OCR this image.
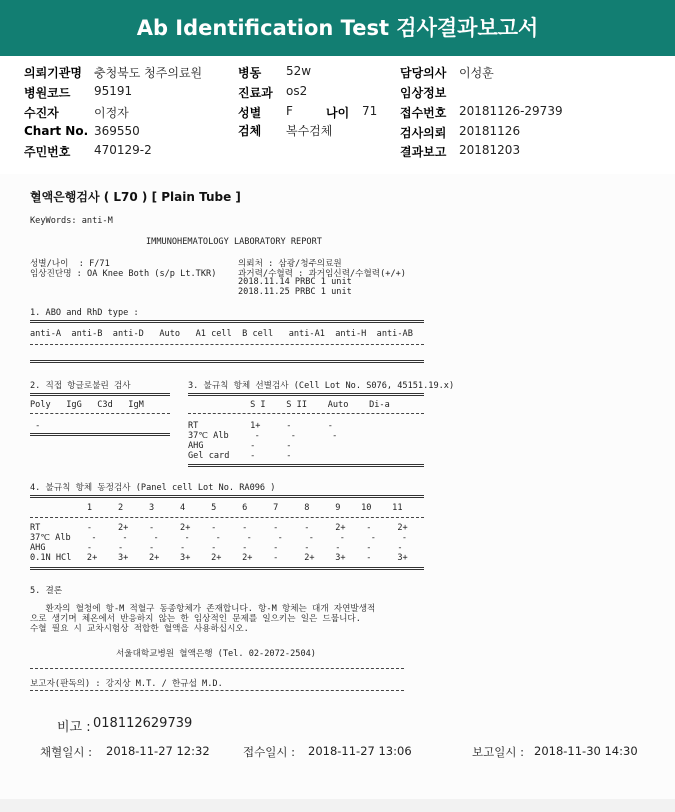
Ab Identification Test 검사결과보고서
의뢰기관명 충청북도 청주의료원	병동 52w	담당의사 이성훈
병원코드 95191	진료과 os2	임상정보
수진자	이정자	성별 F	나이 71 접수번호 20181126-29739
Chart No. 369550	검체 복수검체	검사의뢰 20181126
주민번호 470129-2	결과보고 20181203
혈액은행검사 ( L70 ) [ Plain Tube ]
KeyWords: anti-M
IMMUNOHEMATOLOGY LABORATORY REPORT
성별/나이  : F/71
임상진단명 : OA Knee Both (s/p Lt.TKR)
의뢰처 : 삼광/청주의료원
과거력/수혈력 : 과거임신력/수혈력(+/+)
2018.11.14 PRBC 1 unit
2018.11.25 PRBC 1 unit
1. ABO and RhD type :
anti-A  anti-B  anti-D   Auto   A1 cell  B cell   anti-A1  anti-H  anti-AB
2. 직접 항글로불린 검사
Poly   IgG   C3d   IgM
-
3. 불규칙 항체 선별검사 (Cell Lot No. S076, 45151.19.x)
S I    S II    Auto    Di-a
RT          1+     -       -
37℃ Alb     -      -       -
AHG         -      -
Gel card    -      -
4. 불규칙 항체 동정검사 (Panel cell Lot No. RA096 )
1     2     3     4     5     6     7     8     9    10    11
RT         -     2+    -     2+    -     -     -     -     2+    -     2+
37℃ Alb    -     -     -     -     -     -     -     -     -     -     -
AHG        -     -     -     -     -     -     -     -     -     -     -
0.1N HCl   2+    3+    2+    3+    2+    2+    -     2+    3+    -     3+
5. 결론
환자의 혈청에 항-M 적혈구 동종항체가 존재합니다. 항-M 항체는 대개 자연발생적
으로 생기며 체온에서 반응하지 않는 한 임상적인 문제를 일으키는 일은 드뭅니다.
수혈 필요 시 교차시험상 적합한 혈액을 사용하십시오.
서울대학교병원 혈액은행 (Tel. 02-2072-2504)
보고자(판독의) : 강지상 M.T. / 한규섭 M.D.
비고 : 018112629739
채혈일시 : 2018-11-27 12:32	접수일시 : 2018-11-27 13:06	보고일시 : 2018-11-30 14:30
